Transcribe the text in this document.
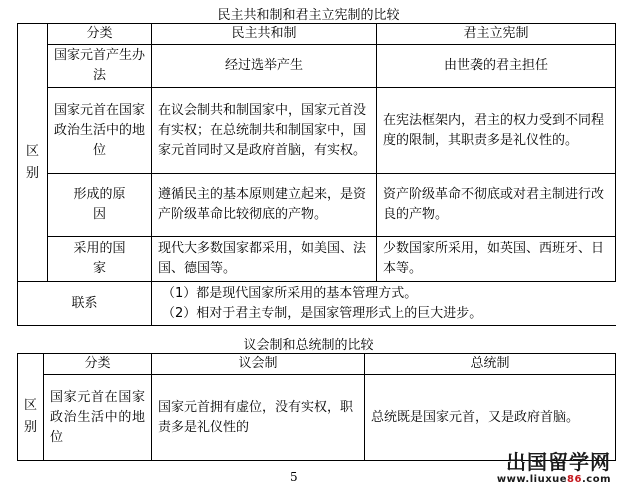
民主共和制和君主立宪制的比较
	分类	民主共和制	君主立宪制
区别	国家元首产生办法	经过选举产生	由世袭的君主担任
	国家元首在国家政治生活中的地位	在议会制共和制国家中，国家元首没有实权；在总统制共和制国家中，国家元首同时又是政府首脑，有实权。	在宪法框架内，君主的权力受到不同程度的限制，其职责多是礼仪性的。
	形成的原因	遵循民主的基本原则建立起来，是资产阶级革命比较彻底的产物。	资产阶级革命不彻底或对君主制进行改良的产物。
	采用的国家	现代大多数国家都采用，如美国、法国、德国等。	少数国家所采用，如英国、西班牙、日本等。
联系		（1）都是现代国家所采用的基本管理方式。
（2）相对于君主专制，是国家管理形式上的巨大进步。	
议会制和总统制的比较
	分类	议会制	总统制
区别	国家元首在国家政治生活中的地位	国家元首拥有虚位，没有实权，职责多是礼仪性的	总统既是国家元首，又是政府首脑。
5
出国留学网
www.liuxue86.com
